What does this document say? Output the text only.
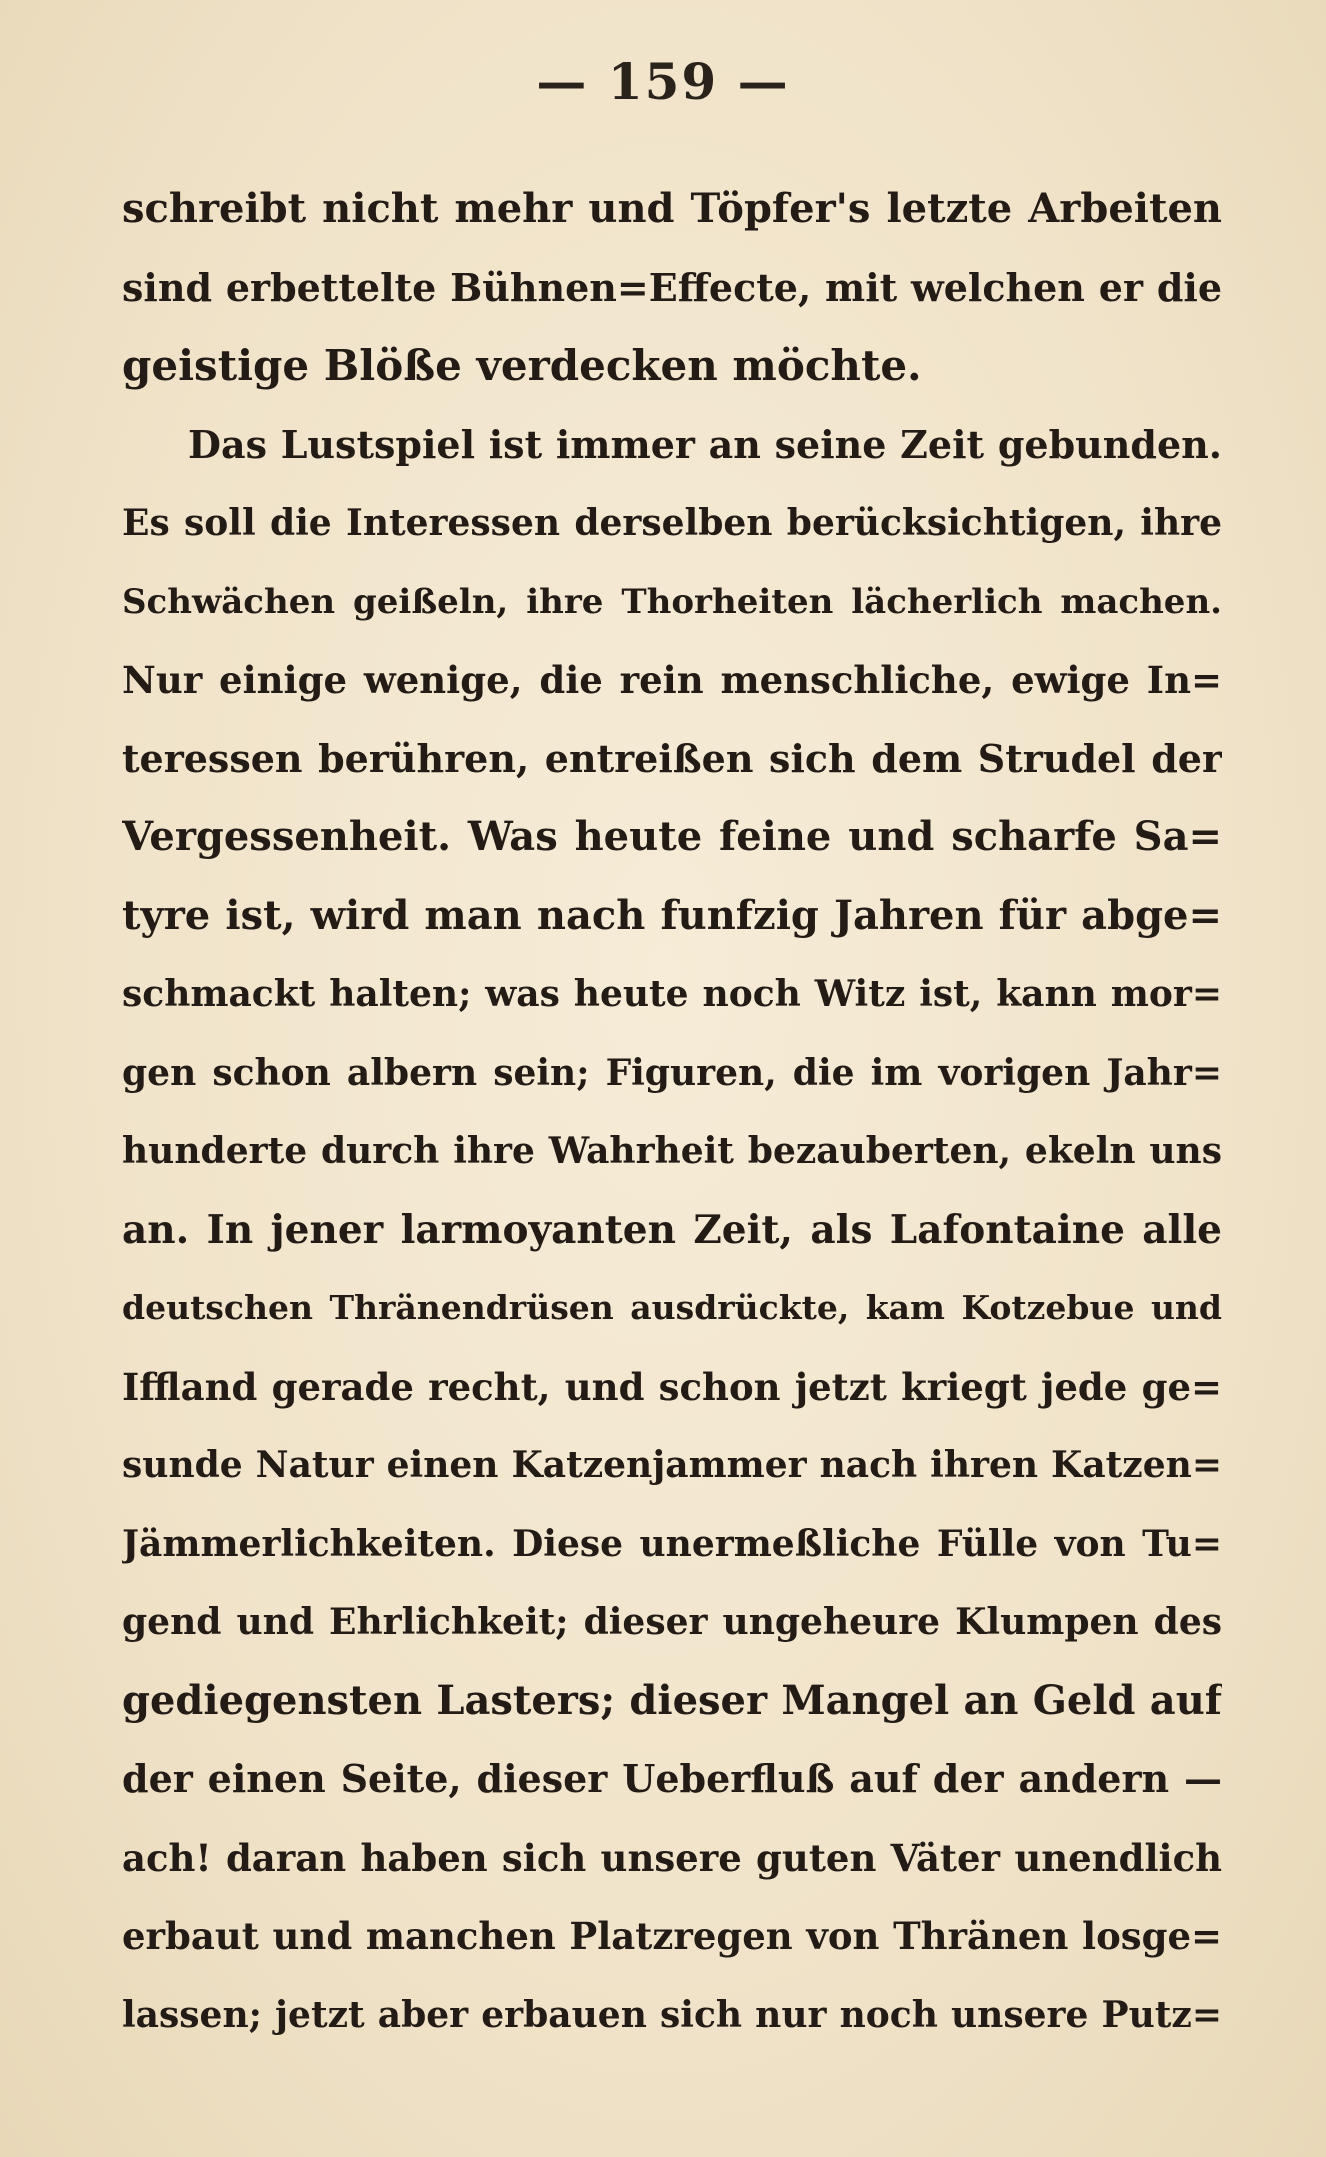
— 159 —
schreibt nicht mehr und Töpfer's letzte Arbeiten
sind erbettelte Bühnen=Effecte, mit welchen er die
geistige Blöße verdecken möchte.
Das Lustspiel ist immer an seine Zeit gebunden.
Es soll die Interessen derselben berücksichtigen, ihre
Schwächen geißeln, ihre Thorheiten lächerlich machen.
Nur einige wenige, die rein menschliche, ewige In=
teressen berühren, entreißen sich dem Strudel der
Vergessenheit. Was heute feine und scharfe Sa=
tyre ist, wird man nach funfzig Jahren für abge=
schmackt halten; was heute noch Witz ist, kann mor=
gen schon albern sein; Figuren, die im vorigen Jahr=
hunderte durch ihre Wahrheit bezauberten, ekeln uns
an. In jener larmoyanten Zeit, als Lafontaine alle
deutschen Thränendrüsen ausdrückte, kam Kotzebue und
Iffland gerade recht, und schon jetzt kriegt jede ge=
sunde Natur einen Katzenjammer nach ihren Katzen=
Jämmerlichkeiten. Diese unermeßliche Fülle von Tu=
gend und Ehrlichkeit; dieser ungeheure Klumpen des
gediegensten Lasters; dieser Mangel an Geld auf
der einen Seite, dieser Ueberfluß auf der andern —
ach! daran haben sich unsere guten Väter unendlich
erbaut und manchen Platzregen von Thränen losge=
lassen; jetzt aber erbauen sich nur noch unsere Putz=
